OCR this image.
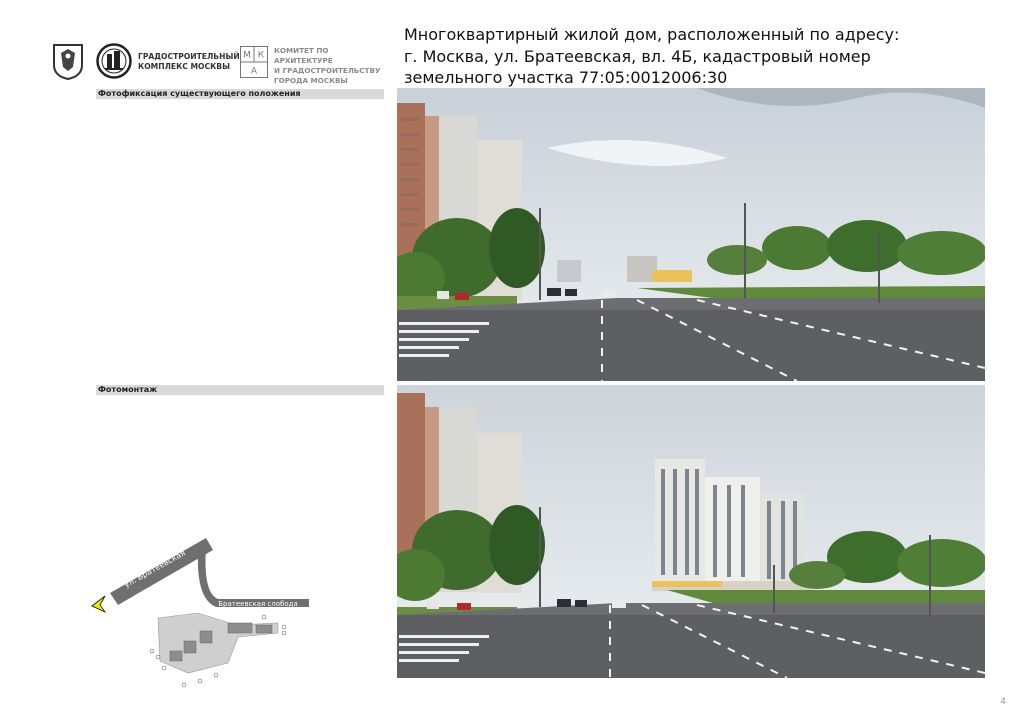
ГРАДОСТРОИТЕЛЬНЫЙ
КОМПЛЕКС МОСКВЫ
М К
А
КОМИТЕТ ПО АРХИТЕКТУРЕ
И ГРАДОСТРОИТЕЛЬСТВУ
ГОРОДА МОСКВЫ
Многоквартирный жилой дом, расположенный по адресу:
г. Москва, ул. Братеевская, вл. 4Б, кадастровый номер
земельного участка 77:05:0012006:30
Фотофиксация существующего положения
Фотомонтаж
ул. Братеевская
Братеевская слобода
4
